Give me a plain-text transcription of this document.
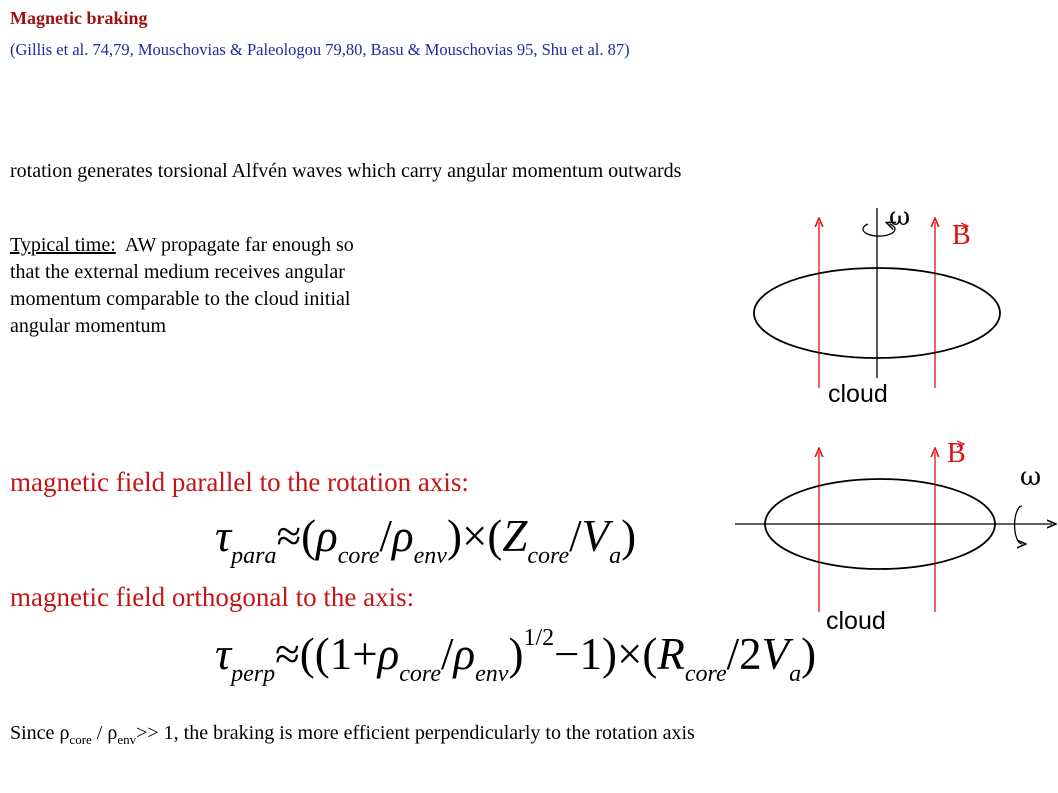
Magnetic braking
(Gillis et al. 74,79, Mouschovias & Paleologou 79,80, Basu & Mouschovias 95, Shu et al. 87)
rotation generates torsional Alfvén waves which carry angular momentum outwards
Typical time: AW propagate far enough so
that the external medium receives angular
momentum comparable to the cloud initial
angular momentum
magnetic field parallel to the rotation axis:
$\tau_{para}\approx(\rho_{core}/\rho_{env})\times(Z_{core}/V_a)$
magnetic field orthogonal to the axis:
$\tau_{perp}\approx((1+\rho_{core}/\rho_{env})^{1/2}-1)\times(R_{core}/2V_a)$
Since $\rho_{core} / \rho_{env}>> 1$, the braking is more efficient perpendicularly to the rotation axis
ω
B
cloud
ω
B
cloud
